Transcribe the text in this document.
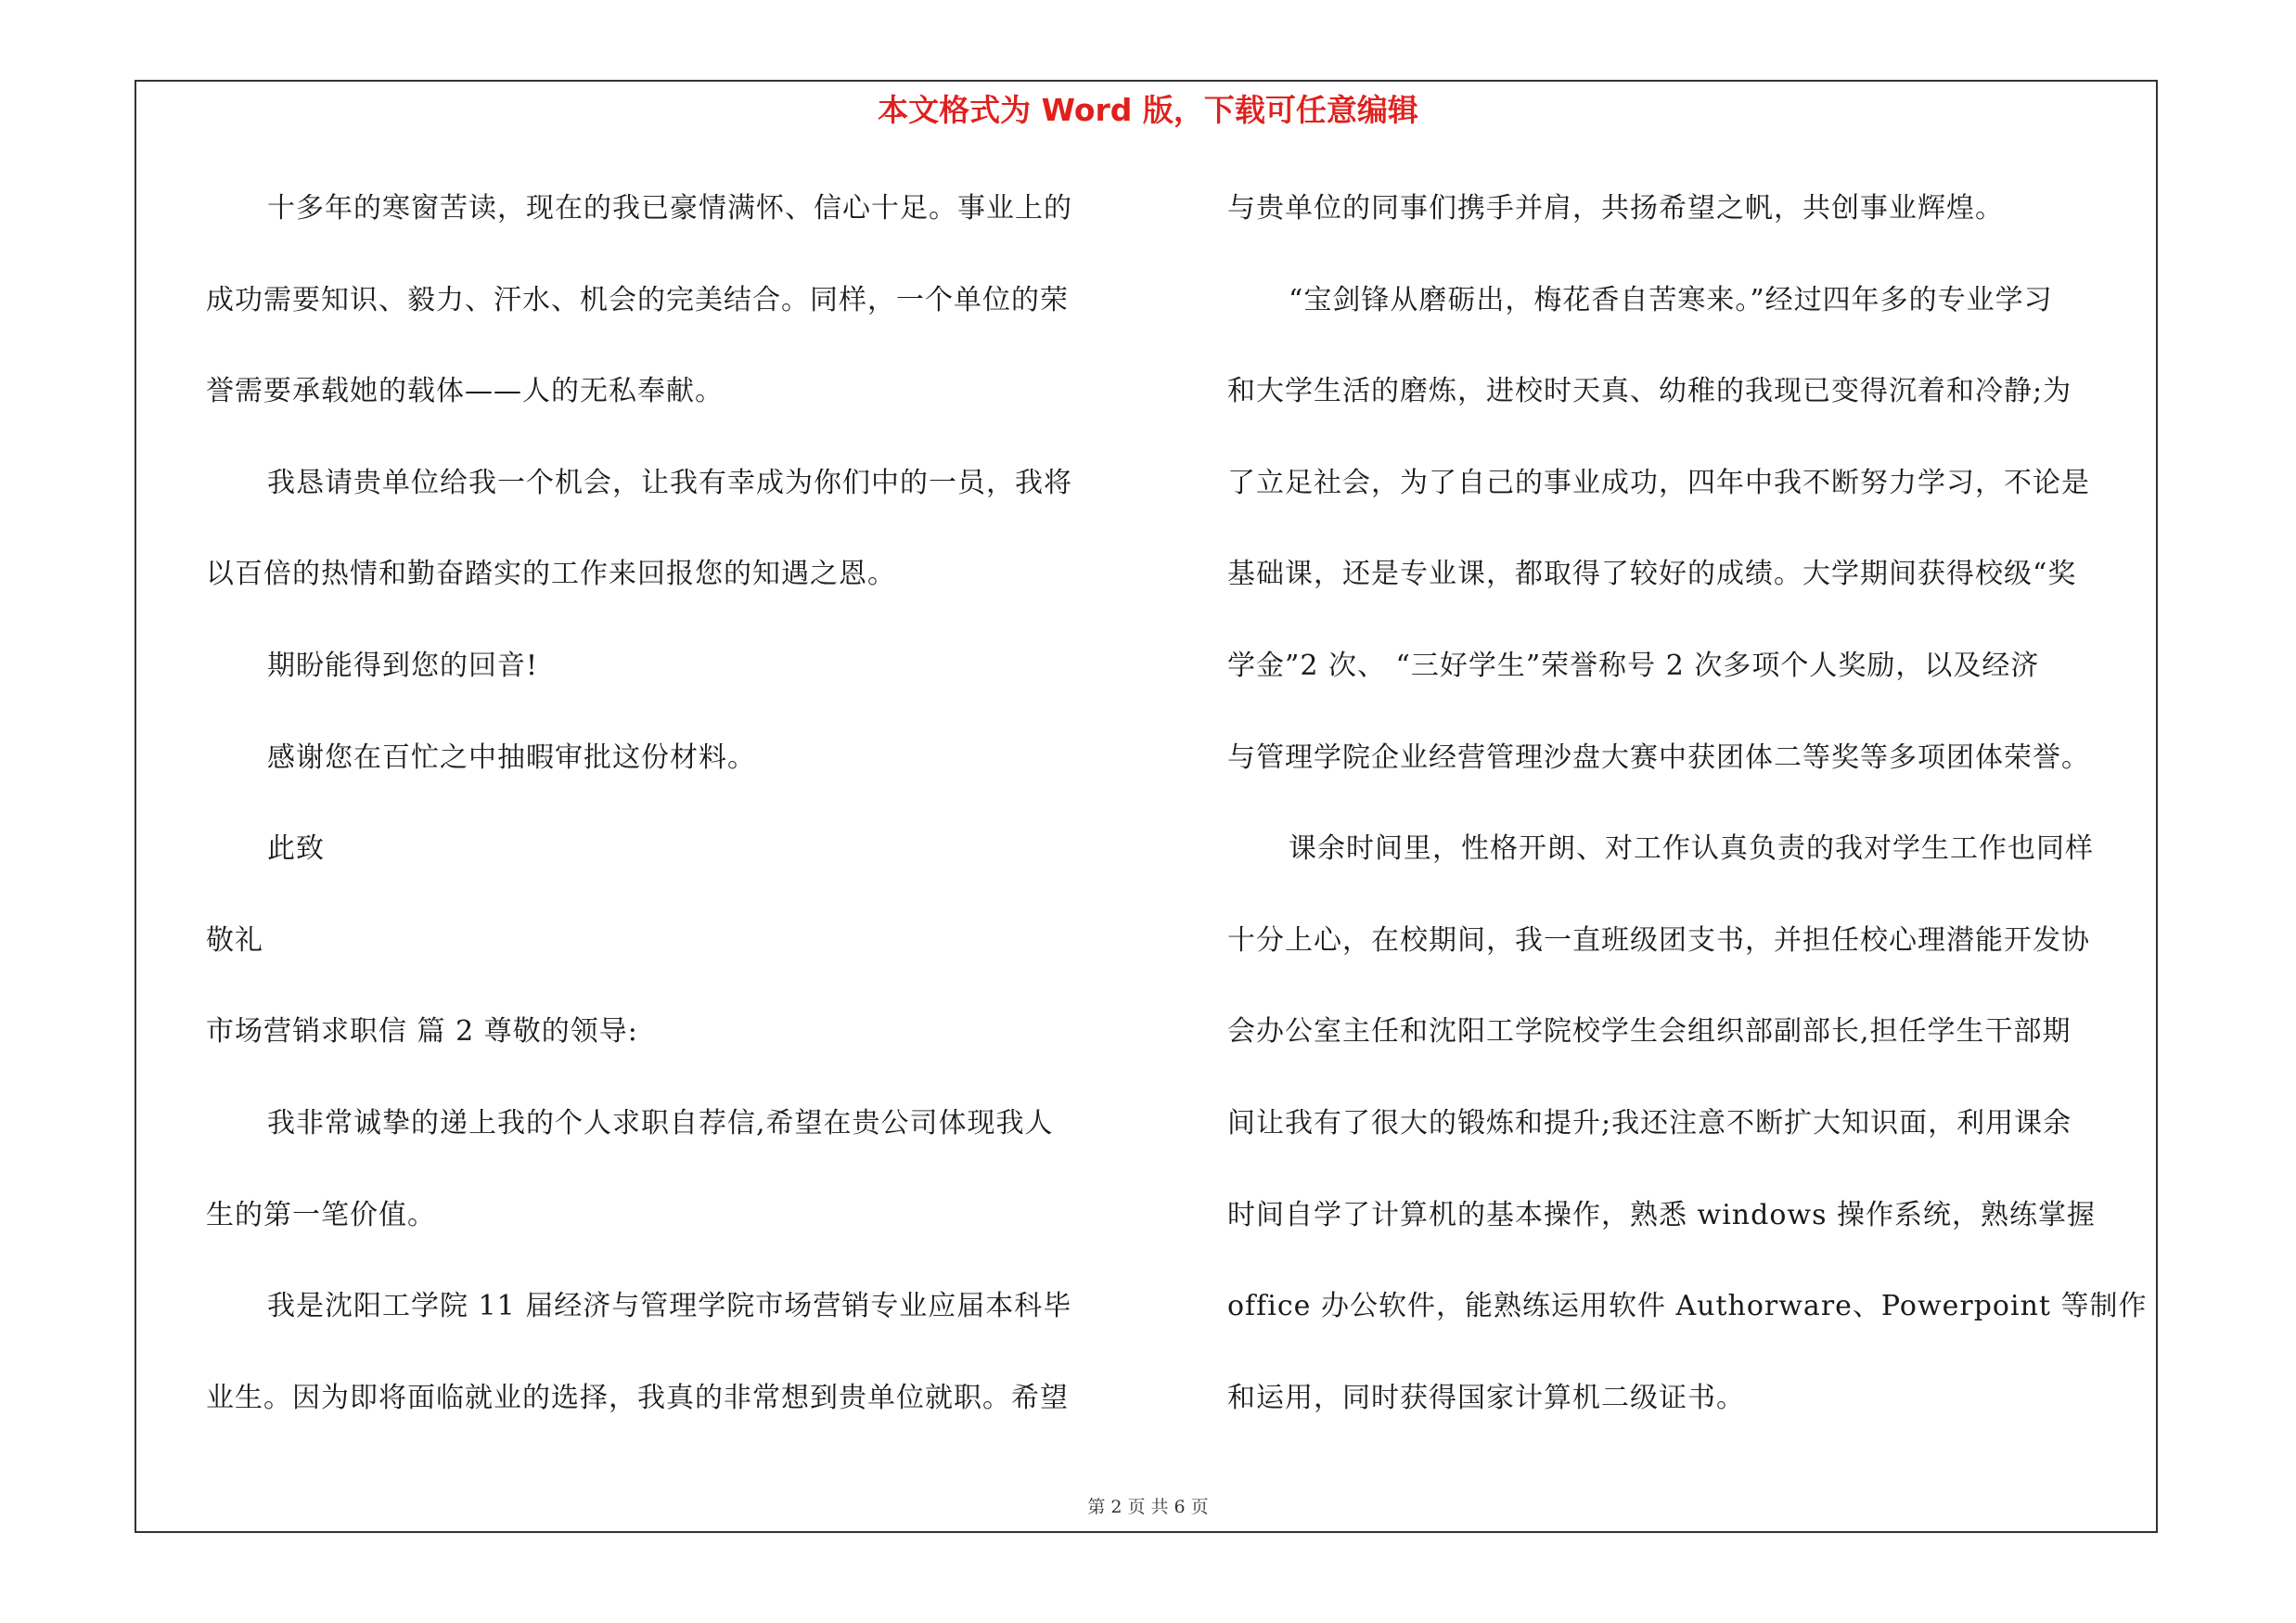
本文格式为 Word 版，下载可任意编辑
十多年的寒窗苦读，现在的我已豪情满怀、信心十足。事业上的
成功需要知识、毅力、汗水、机会的完美结合。同样，一个单位的荣
誉需要承载她的载体——人的无私奉献。
我恳请贵单位给我一个机会，让我有幸成为你们中的一员，我将
以百倍的热情和勤奋踏实的工作来回报您的知遇之恩。
期盼能得到您的回音!
感谢您在百忙之中抽暇审批这份材料。
此致
敬礼
市场营销求职信 篇 2 尊敬的领导:
我非常诚挚的递上我的个人求职自荐信,希望在贵公司体现我人
生的第一笔价值。
我是沈阳工学院 11 届经济与管理学院市场营销专业应届本科毕
业生。因为即将面临就业的选择，我真的非常想到贵单位就职。希望
与贵单位的同事们携手并肩，共扬希望之帆，共创事业辉煌。
“宝剑锋从磨砺出，梅花香自苦寒来。”经过四年多的专业学习
和大学生活的磨炼，进校时天真、幼稚的我现已变得沉着和冷静;为
了立足社会，为了自己的事业成功，四年中我不断努力学习，不论是
基础课，还是专业课，都取得了较好的成绩。大学期间获得校级“奖
学金”2 次、 “三好学生”荣誉称号 2 次多项个人奖励，以及经济
与管理学院企业经营管理沙盘大赛中获团体二等奖等多项团体荣誉。
课余时间里，性格开朗、对工作认真负责的我对学生工作也同样
十分上心，在校期间，我一直班级团支书，并担任校心理潜能开发协
会办公室主任和沈阳工学院校学生会组织部副部长,担任学生干部期
间让我有了很大的锻炼和提升;我还注意不断扩大知识面，利用课余
时间自学了计算机的基本操作，熟悉 windows 操作系统，熟练掌握
office 办公软件，能熟练运用软件 Authorware、Powerpoint 等制作
和运用，同时获得国家计算机二级证书。
第 2 页 共 6 页
